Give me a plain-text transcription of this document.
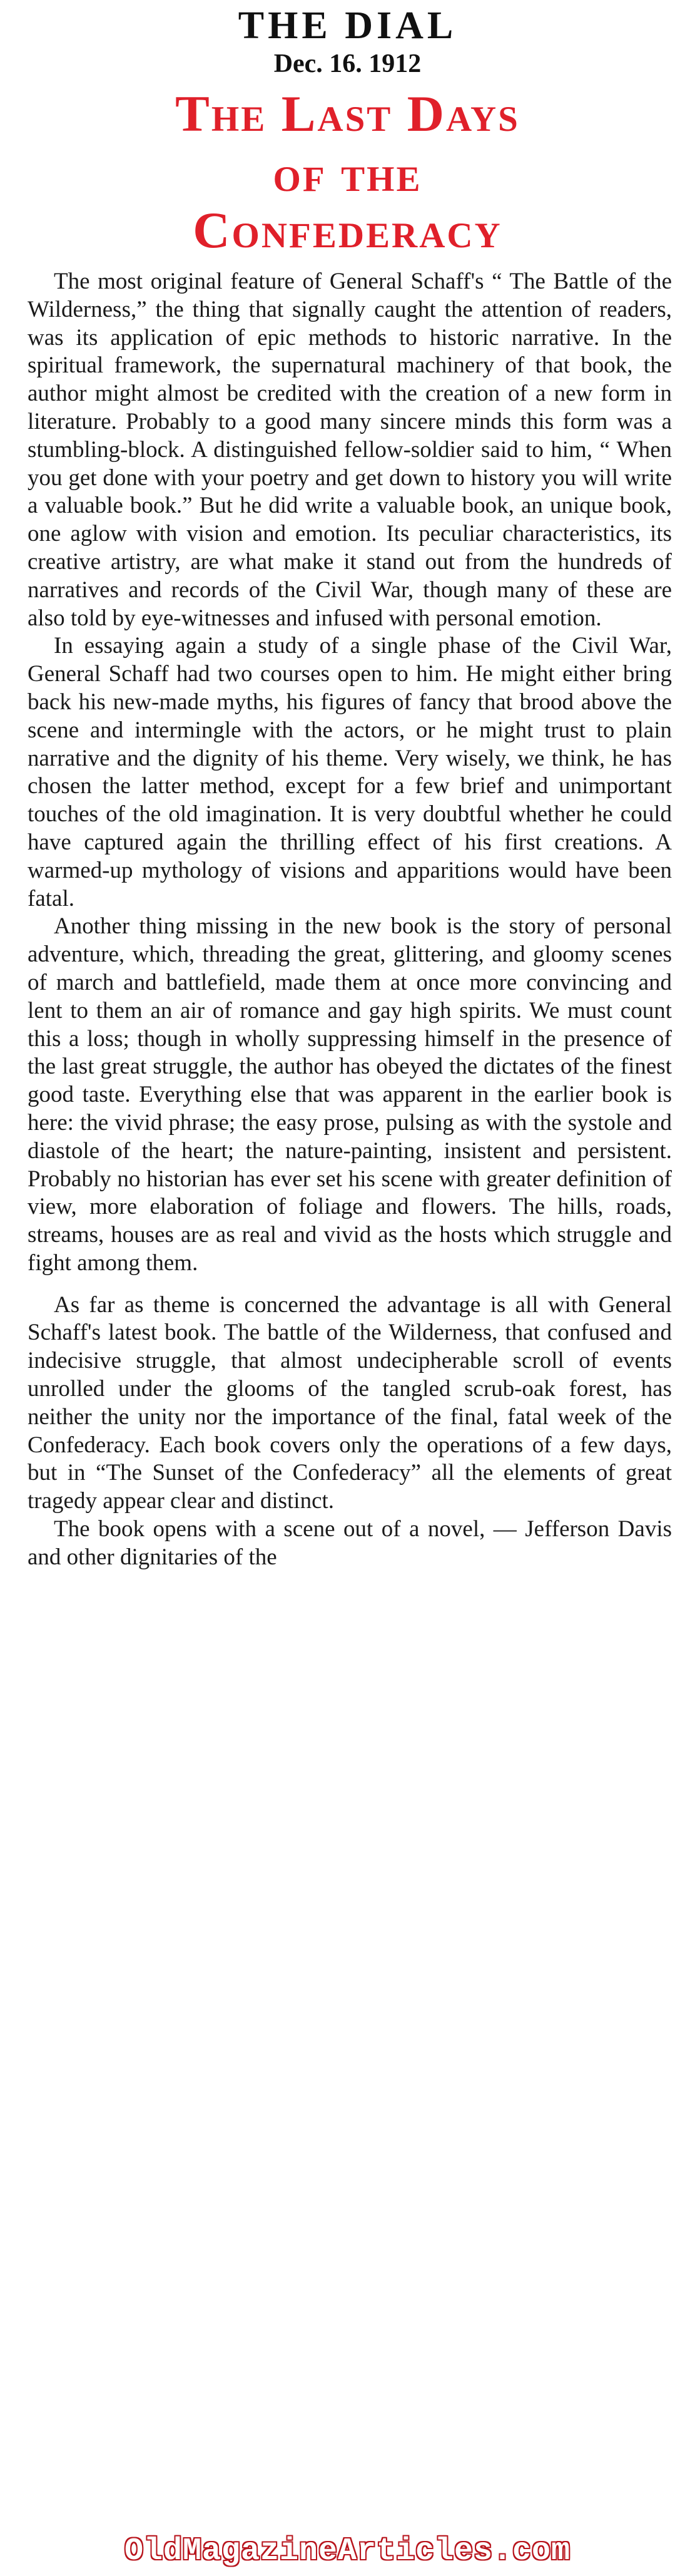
THE DIAL
Dec. 16. 1912
The Last Days
of the
Confederacy

The most original feature of General Schaff's “ The Battle of the Wilderness,” the thing that signally caught the attention of readers, was its application of epic methods to historic narrative. In the spiritual framework, the supernatural machinery of that book, the author might almost be credited with the creation of a new form in literature. Probably to a good many sincere minds this form was a stumbling-block. A distinguished fellow-soldier said to him, “ When you get done with your poetry and get down to history you will write a valuable book.” But he did write a valuable book, an unique book, one aglow with vision and emotion. Its peculiar characteristics, its creative artistry, are what make it stand out from the hundreds of narratives and records of the Civil War, though many of these are also told by eye-witnesses and infused with personal emotion.

In essaying again a study of a single phase of the Civil War, General Schaff had two courses open to him. He might either bring back his new-made myths, his figures of fancy that brood above the scene and intermingle with the actors, or he might trust to plain narrative and the dignity of his theme. Very wisely, we think, he has chosen the latter method, except for a few brief and unimportant touches of the old imagination. It is very doubtful whether he could have captured again the thrilling effect of his first creations. A warmed-up mythology of visions and apparitions would have been fatal.

Another thing missing in the new book is the story of personal adventure, which, threading the great, glittering, and gloomy scenes of march and battlefield, made them at once more convincing and lent to them an air of romance and gay high spirits. We must count this a loss; though in wholly suppressing himself in the presence of the last great struggle, the author has obeyed the dictates of the finest good taste. Everything else that was apparent in the earlier book is here: the vivid phrase; the easy prose, pulsing as with the systole and diastole of the heart; the nature-painting, insistent and persistent. Probably no historian has ever set his scene with greater definition of view, more elaboration of foliage and flowers. The hills, roads, streams, houses are as real and vivid as the hosts which struggle and fight among them.

As far as theme is concerned the advantage is all with General Schaff's latest book. The battle of the Wilderness, that confused and indecisive struggle, that almost undecipherable scroll of events unrolled under the glooms of the tangled scrub-oak forest, has neither the unity nor the importance of the final, fatal week of the Confederacy. Each book covers only the operations of a few days, but in “The Sunset of the Confederacy” all the elements of great tragedy appear clear and distinct.

The book opens with a scene out of a novel, — Jefferson Davis and other dignitaries of the

OldMagazineArticles.com
